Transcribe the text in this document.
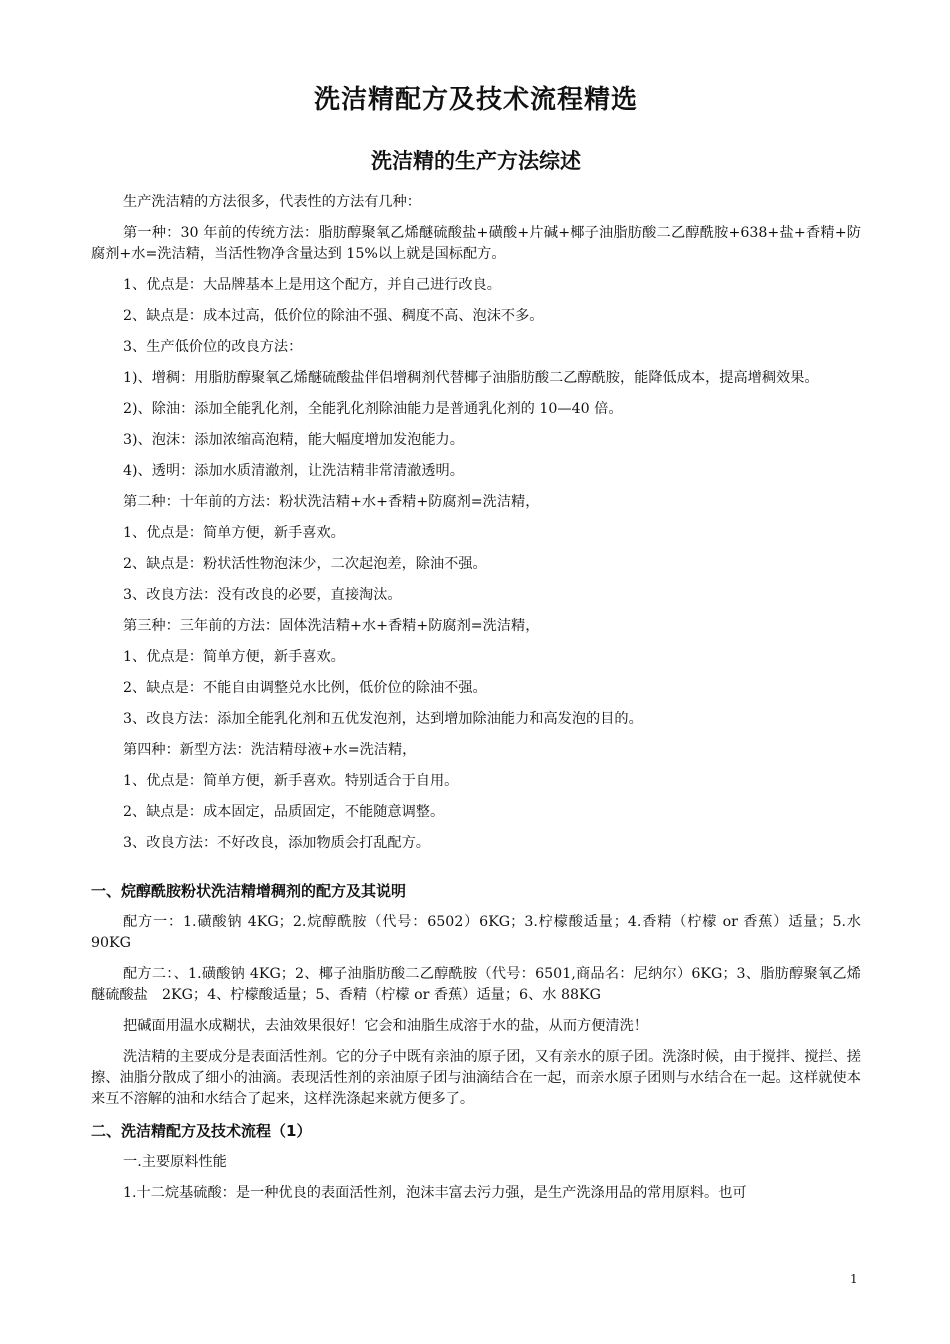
洗洁精配方及技术流程精选
洗洁精的生产方法综述

生产洗洁精的方法很多，代表性的方法有几种：

第一种：30 年前的传统方法：脂肪醇聚氧乙烯醚硫酸盐+磺酸+片碱+椰子油脂肪酸二乙醇酰胺+638+盐+香精+防腐剂+水=洗洁精，当活性物净含量达到 15%以上就是国标配方。

1、优点是：大品牌基本上是用这个配方，并自己进行改良。

2、缺点是：成本过高，低价位的除油不强、稠度不高、泡沫不多。

3、生产低价位的改良方法：

1)、增稠：用脂肪醇聚氧乙烯醚硫酸盐伴侣增稠剂代替椰子油脂肪酸二乙醇酰胺，能降低成本，提高增稠效果。

2)、除油：添加全能乳化剂，全能乳化剂除油能力是普通乳化剂的 10—40 倍。

3)、泡沫：添加浓缩高泡精，能大幅度增加发泡能力。

4)、透明：添加水质清澈剂，让洗洁精非常清澈透明。

第二种：十年前的方法：粉状洗洁精+水+香精+防腐剂=洗洁精，

1、优点是：简单方便，新手喜欢。

2、缺点是：粉状活性物泡沫少，二次起泡差，除油不强。

3、改良方法：没有改良的必要，直接淘汰。

第三种：三年前的方法：固体洗洁精+水+香精+防腐剂=洗洁精，

1、优点是：简单方便，新手喜欢。

2、缺点是：不能自由调整兑水比例，低价位的除油不强。

3、改良方法：添加全能乳化剂和五优发泡剂，达到增加除油能力和高发泡的目的。

第四种：新型方法：洗洁精母液+水=洗洁精，

1、优点是：简单方便，新手喜欢。特别适合于自用。

2、缺点是：成本固定，品质固定，不能随意调整。

3、改良方法：不好改良，添加物质会打乱配方。

一、烷醇酰胺粉状洗洁精增稠剂的配方及其说明

配方一：1.磺酸钠 4KG；2.烷醇酰胺（代号：6502）6KG；3.柠檬酸适量；4.香精（柠檬 or 香蕉）适量；5.水 90KG

配方二：、1.磺酸钠 4KG；2、椰子油脂肪酸二乙醇酰胺（代号：6501,商品名：尼纳尔）6KG；3、脂肪醇聚氧乙烯醚硫酸盐　2KG；4、柠檬酸适量；5、香精（柠檬 or 香蕉）适量；6、水 88KG

把碱面用温水成糊状，去油效果很好！它会和油脂生成溶于水的盐，从而方便清洗！

洗洁精的主要成分是表面活性剂。它的分子中既有亲油的原子团，又有亲水的原子团。洗涤时候，由于搅拌、搅拦、搓擦、油脂分散成了细小的油滴。表现活性剂的亲油原子团与油滴结合在一起，而亲水原子团则与水结合在一起。这样就使本来互不溶解的油和水结合了起来，这样洗涤起来就方便多了。

二、洗洁精配方及技术流程（1）

一.主要原料性能

1.十二烷基硫酸：是一种优良的表面活性剂，泡沫丰富去污力强，是生产洗涤用品的常用原料。也可

1
